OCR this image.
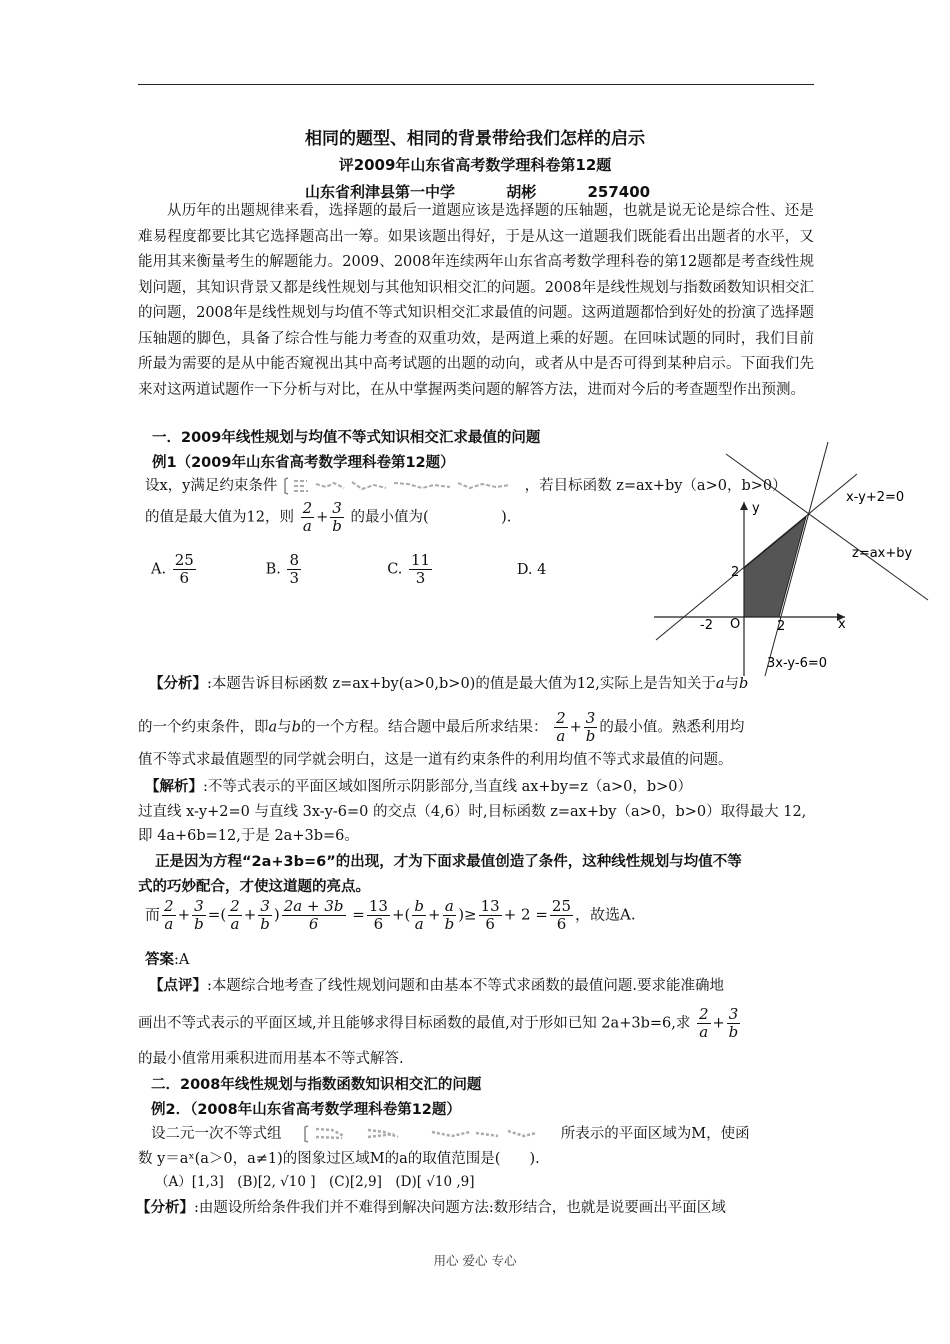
相同的题型、相同的背景带给我们怎样的启示
评2009年山东省高考数学理科卷第12题
山东省利津县第一中学	胡彬	257400
从历年的出题规律来看，选择题的最后一道题应该是选择题的压轴题，也就是说无论是综合性、还是难易程度都要比其它选择题高出一筹。如果该题出得好，于是从这一道题我们既能看出出题者的水平，又能用其来衡量考生的解题能力。2009、2008年连续两年山东省高考数学理科卷的第12题都是考查线性规划问题，其知识背景又都是线性规划与其他知识相交汇的问题。2008年是线性规划与指数函数知识相交汇的问题，2008年是线性规划与均值不等式知识相交汇求最值的问题。这两道题都恰到好处的扮演了选择题压轴题的脚色，具备了综合性与能力考查的双重功效，是两道上乘的好题。在回味试题的同时，我们目前所最为需要的是从中能否窥视出其中高考试题的出题的动向，或者从中是否可得到某种启示。下面我们先来对这两道试题作一下分析与对比，在从中掌握两类问题的解答方法，进而对今后的考查题型作出预测。
一．2009年线性规划与均值不等式知识相交汇求最值的问题
例1（2009年山东省高考数学理科卷第12题）
设x，y满足约束条件	，若目标函数 z=ax+by（a>0，b>0）
的值是最大值为12，则 $\frac{2}{a} + \frac{3}{b}$ 的最小值为(　　　　　).
A. $\frac{25}{6}$	B. $\frac{8}{3}$	C. $\frac{11}{3}$	D. 4
y
x
O
2
-2	2
x-y+2=0
z=ax+by
3x-y-6=0
【分析】:本题告诉目标函数 z=ax+by(a>0,b>0)的值是最大值为12,实际上是告知关于a与b
的一个约束条件，即a与b的一个方程。结合题中最后所求结果： $\frac{2}{a} + \frac{3}{b}$ 的最小值。熟悉利用均
值不等式求最值题型的同学就会明白，这是一道有约束条件的利用均值不等式求最值的问题。
【解析】:不等式表示的平面区域如图所示阴影部分,当直线 ax+by=z（a>0，b>0）
过直线 x-y+2=0 与直线 3x-y-6=0 的交点（4,6）时,目标函数 z=ax+by（a>0，b>0）取得最大 12,
即 4a+6b=12,于是 2a+3b=6。
正是因为方程“2a+3b=6”的出现，才为下面求最值创造了条件，这种线性规划与均值不等
式的巧妙配合，才使这道题的亮点。
而 $\frac{2}{a} + \frac{3}{b}$ =( $\frac{2}{a} + \frac{3}{b}$ ) $\frac{2a + 3b}{6} = \frac{13}{6}$ +( $\frac{b}{a} + \frac{a}{b}$ )≥ $\frac{13}{6} + 2 = \frac{25}{6}$ ，故选A.
答案:A
【点评】:本题综合地考查了线性规划问题和由基本不等式求函数的最值问题.要求能准确地
画出不等式表示的平面区域,并且能够求得目标函数的最值,对于形如已知 2a+3b=6,求 $\frac{2}{a} + \frac{3}{b}$
的最小值常用乘积进而用基本不等式解答.
二．2008年线性规划与指数函数知识相交汇的问题
例2．（2008年山东省高考数学理科卷第12题）
设二元一次不等式组	所表示的平面区域为M，使函
数 y＝aˣ(a＞0，a≠1)的图象过区域M的a的取值范围是(　　).
（A）[1,3]　(B)[2, √10 ]　(C)[2,9]　(D)[ √10 ,9]
【分析】:由题设所给条件我们并不难得到解决问题方法:数形结合，也就是说要画出平面区域
用心 爱心 专心
